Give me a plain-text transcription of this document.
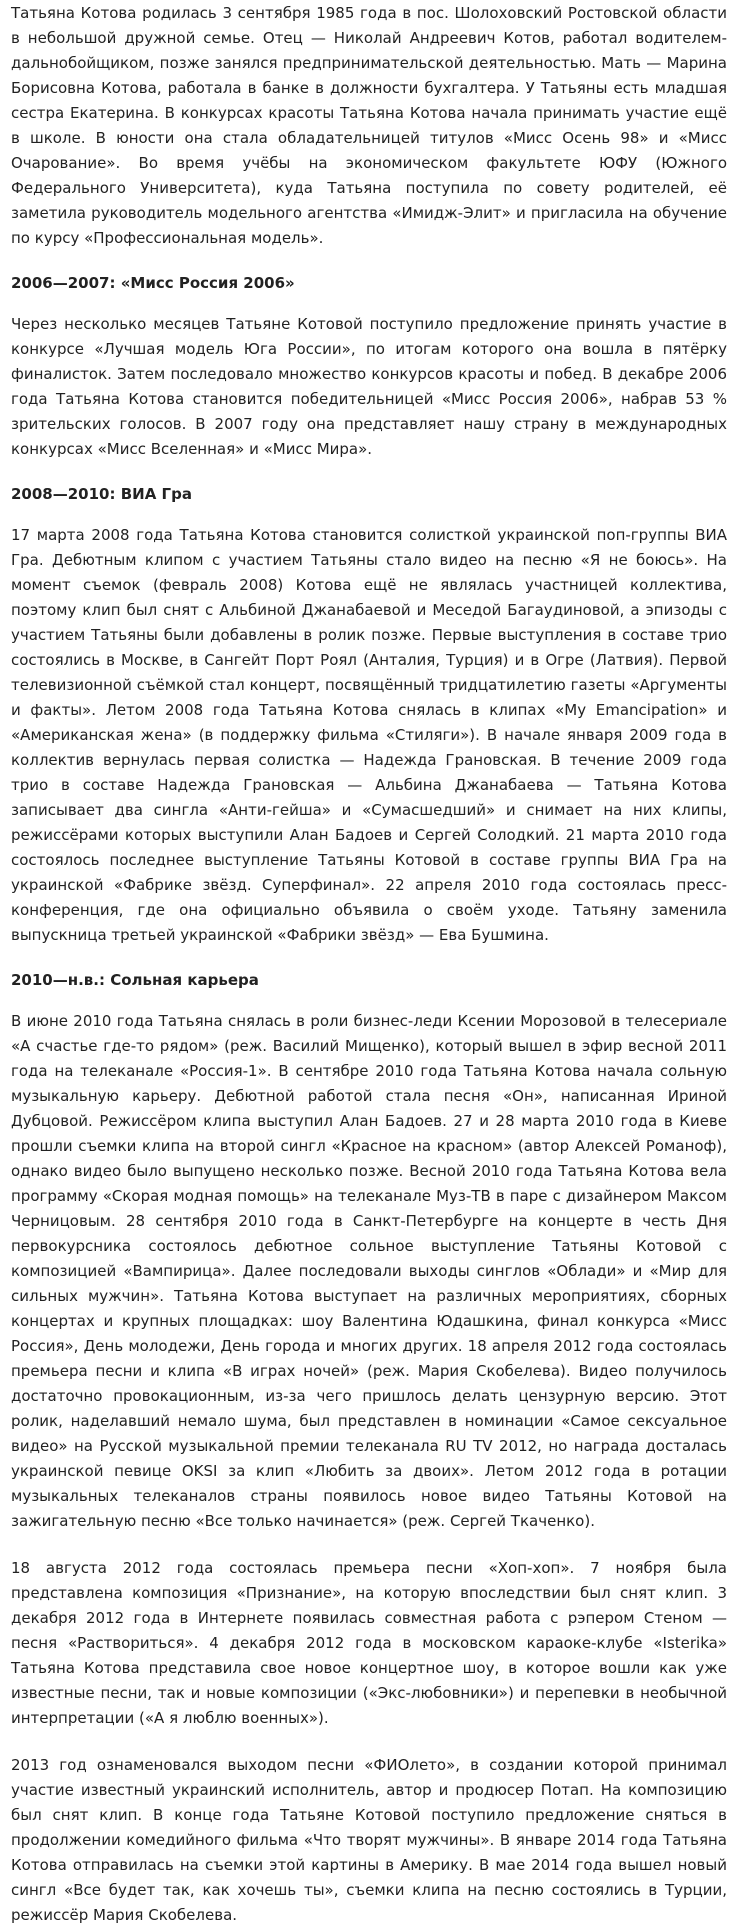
Татьяна Котова родилась 3 сентября 1985 года в пос. Шолоховский Ростовской области в небольшой дружной семье. Отец — Николай Андреевич Котов, работал водителем-дальнобойщиком, позже занялся предпринимательской деятельностью. Мать — Марина Борисовна Котова, работала в банке в должности бухгалтера. У Татьяны есть младшая сестра Екатерина. В конкурсах красоты Татьяна Котова начала принимать участие ещё в школе. В юности она стала обладательницей титулов «Мисс Осень 98» и «Мисс Очарование». Во время учёбы на экономическом факультете ЮФУ (Южного Федерального Университета), куда Татьяна поступила по совету родителей, её заметила руководитель модельного агентства «Имидж-Элит» и пригласила на обучение по курсу «Профессиональная модель».

2006—2007: «Мисс Россия 2006»

Через несколько месяцев Татьяне Котовой поступило предложение принять участие в конкурсе «Лучшая модель Юга России», по итогам которого она вошла в пятёрку финалисток. Затем последовало множество конкурсов красоты и побед. В декабре 2006 года Татьяна Котова становится победительницей «Мисс Россия 2006», набрав 53 % зрительских голосов. В 2007 году она представляет нашу страну в международных конкурсах «Мисс Вселенная» и «Мисс Мира».

2008—2010: ВИА Гра

17 марта 2008 года Татьяна Котова становится солисткой украинской поп-группы ВИА Гра. Дебютным клипом с участием Татьяны стало видео на песню «Я не боюсь». На момент съемок (февраль 2008) Котова ещё не являлась участницей коллектива, поэтому клип был снят с Альбиной Джанабаевой и Меседой Багаудиновой, а эпизоды с участием Татьяны были добавлены в ролик позже. Первые выступления в составе трио состоялись в Москве, в Сангейт Порт Роял (Анталия, Турция) и в Огре (Латвия). Первой телевизионной съёмкой стал концерт, посвящённый тридцатилетию газеты «Аргументы и факты». Летом 2008 года Татьяна Котова снялась в клипах «My Emancipation» и «Американская жена» (в поддержку фильма «Стиляги»). В начале января 2009 года в коллектив вернулась первая солистка — Надежда Грановская. В течение 2009 года трио в составе Надежда Грановская — Альбина Джанабаева — Татьяна Котова записывает два сингла «Анти-гейша» и «Сумасшедший» и снимает на них клипы, режиссёрами которых выступили Алан Бадоев и Сергей Солодкий. 21 марта 2010 года состоялось последнее выступление Татьяны Котовой в составе группы ВИА Гра на украинской «Фабрике звёзд. Суперфинал». 22 апреля 2010 года состоялась пресс-конференция, где она официально объявила о своём уходе. Татьяну заменила выпускница третьей украинской «Фабрики звёзд» — Ева Бушмина.

2010—н.в.: Сольная карьера

В июне 2010 года Татьяна снялась в роли бизнес-леди Ксении Морозовой в телесериале «А счастье где-то рядом» (реж. Василий Мищенко), который вышел в эфир весной 2011 года на телеканале «Россия-1». В сентябре 2010 года Татьяна Котова начала сольную музыкальную карьеру. Дебютной работой стала песня «Он», написанная Ириной Дубцовой. Режиссёром клипа выступил Алан Бадоев. 27 и 28 марта 2010 года в Киеве прошли съемки клипа на второй сингл «Красное на красном» (автор Алексей Романоф), однако видео было выпущено несколько позже. Весной 2010 года Татьяна Котова вела программу «Скорая модная помощь» на телеканале Муз-ТВ в паре с дизайнером Максом Черницовым. 28 сентября 2010 года в Санкт-Петербурге на концерте в честь Дня первокурсника состоялось дебютное сольное выступление Татьяны Котовой с композицией «Вампирица». Далее последовали выходы синглов «Облади» и «Мир для сильных мужчин». Татьяна Котова выступает на различных мероприятиях, сборных концертах и крупных площадках: шоу Валентина Юдашкина, финал конкурса «Мисс Россия», День молодежи, День города и многих других. 18 апреля 2012 года состоялась премьера песни и клипа «В играх ночей» (реж. Мария Скобелева). Видео получилось достаточно провокационным, из-за чего пришлось делать цензурную версию. Этот ролик, наделавший немало шума, был представлен в номинации «Самое сексуальное видео» на Русской музыкальной премии телеканала RU TV 2012, но награда досталась украинской певице OKSI за клип «Любить за двоих». Летом 2012 года в ротации музыкальных телеканалов страны появилось новое видео Татьяны Котовой на зажигательную песню «Все только начинается» (реж. Сергей Ткаченко).

18 августа 2012 года состоялась премьера песни «Хоп-хоп». 7 ноября была представлена композиция «Признание», на которую впоследствии был снят клип. 3 декабря 2012 года в Интернете появилась совместная работа с рэпером Стеном — песня «Раствориться». 4 декабря 2012 года в московском караоке-клубе «Isterika» Татьяна Котова представила свое новое концертное шоу, в которое вошли как уже известные песни, так и новые композиции («Экс-любовники») и перепевки в необычной интерпретации («А я люблю военных»).

2013 год ознаменовался выходом песни «ФИОлето», в создании которой принимал участие известный украинский исполнитель, автор и продюсер Потап. На композицию был снят клип. В конце года Татьяне Котовой поступило предложение сняться в продолжении комедийного фильма «Что творят мужчины». В январе 2014 года Татьяна Котова отправилась на съемки этой картины в Америку. В мае 2014 года вышел новый сингл «Все будет так, как хочешь ты», съемки клипа на песню состоялись в Турции, режиссёр Мария Скобелева.
